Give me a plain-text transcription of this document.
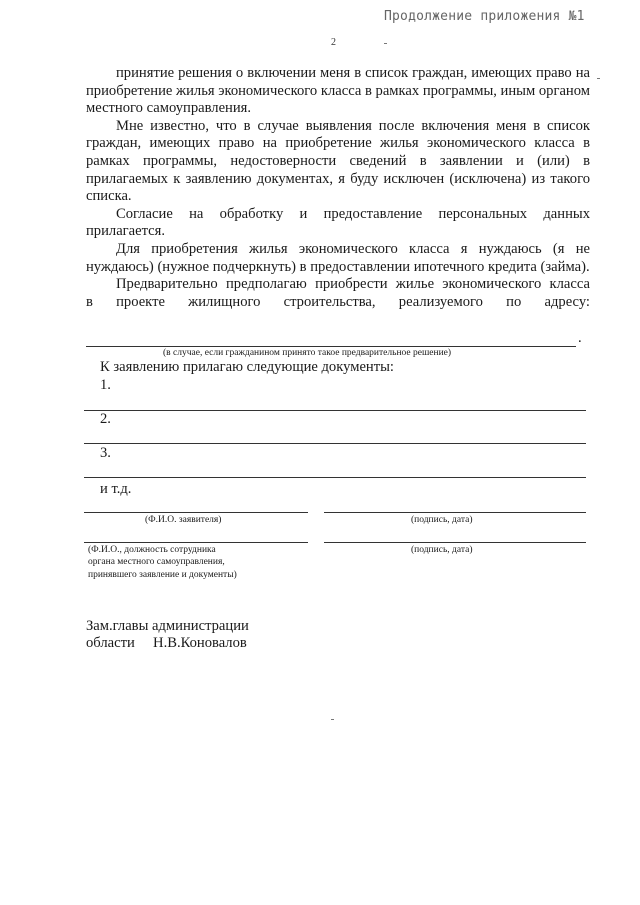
Продолжение приложения №1
2

принятие решения о включении меня в список граждан, имеющих право на приобретение жилья экономического класса в рамках программы, иным органом местного самоуправления.

Мне известно, что в случае выявления после включения меня в список граждан, имеющих право на приобретение жилья экономического класса в рамках программы, недостоверности сведений в заявлении и (или) в прилагаемых к заявлению документах, я буду исключен (исключена) из такого списка.

Согласие на обработку и предоставление персональных данных прилагается.

Для приобретения жилья экономического класса я нуждаюсь (я не нуждаюсь) (нужное подчеркнуть) в предоставлении ипотечного кредита (займа).

Предварительно предполагаю приобрести жилье экономического класса

в проекте жилищного строительства, реализуемого по адресу:

.
(в случае, если гражданином принято такое предварительное решение)
К заявлению прилагаю следующие документы:
1.
2.
3.
и т.д.
(Ф.И.О. заявителя)	(подпись, дата)
(Ф.И.О., должность сотрудника
органа местного самоуправления,
принявшего заявление и документы)
(подпись, дата)
Зам.главы администрации
области     Н.В.Коновалов
